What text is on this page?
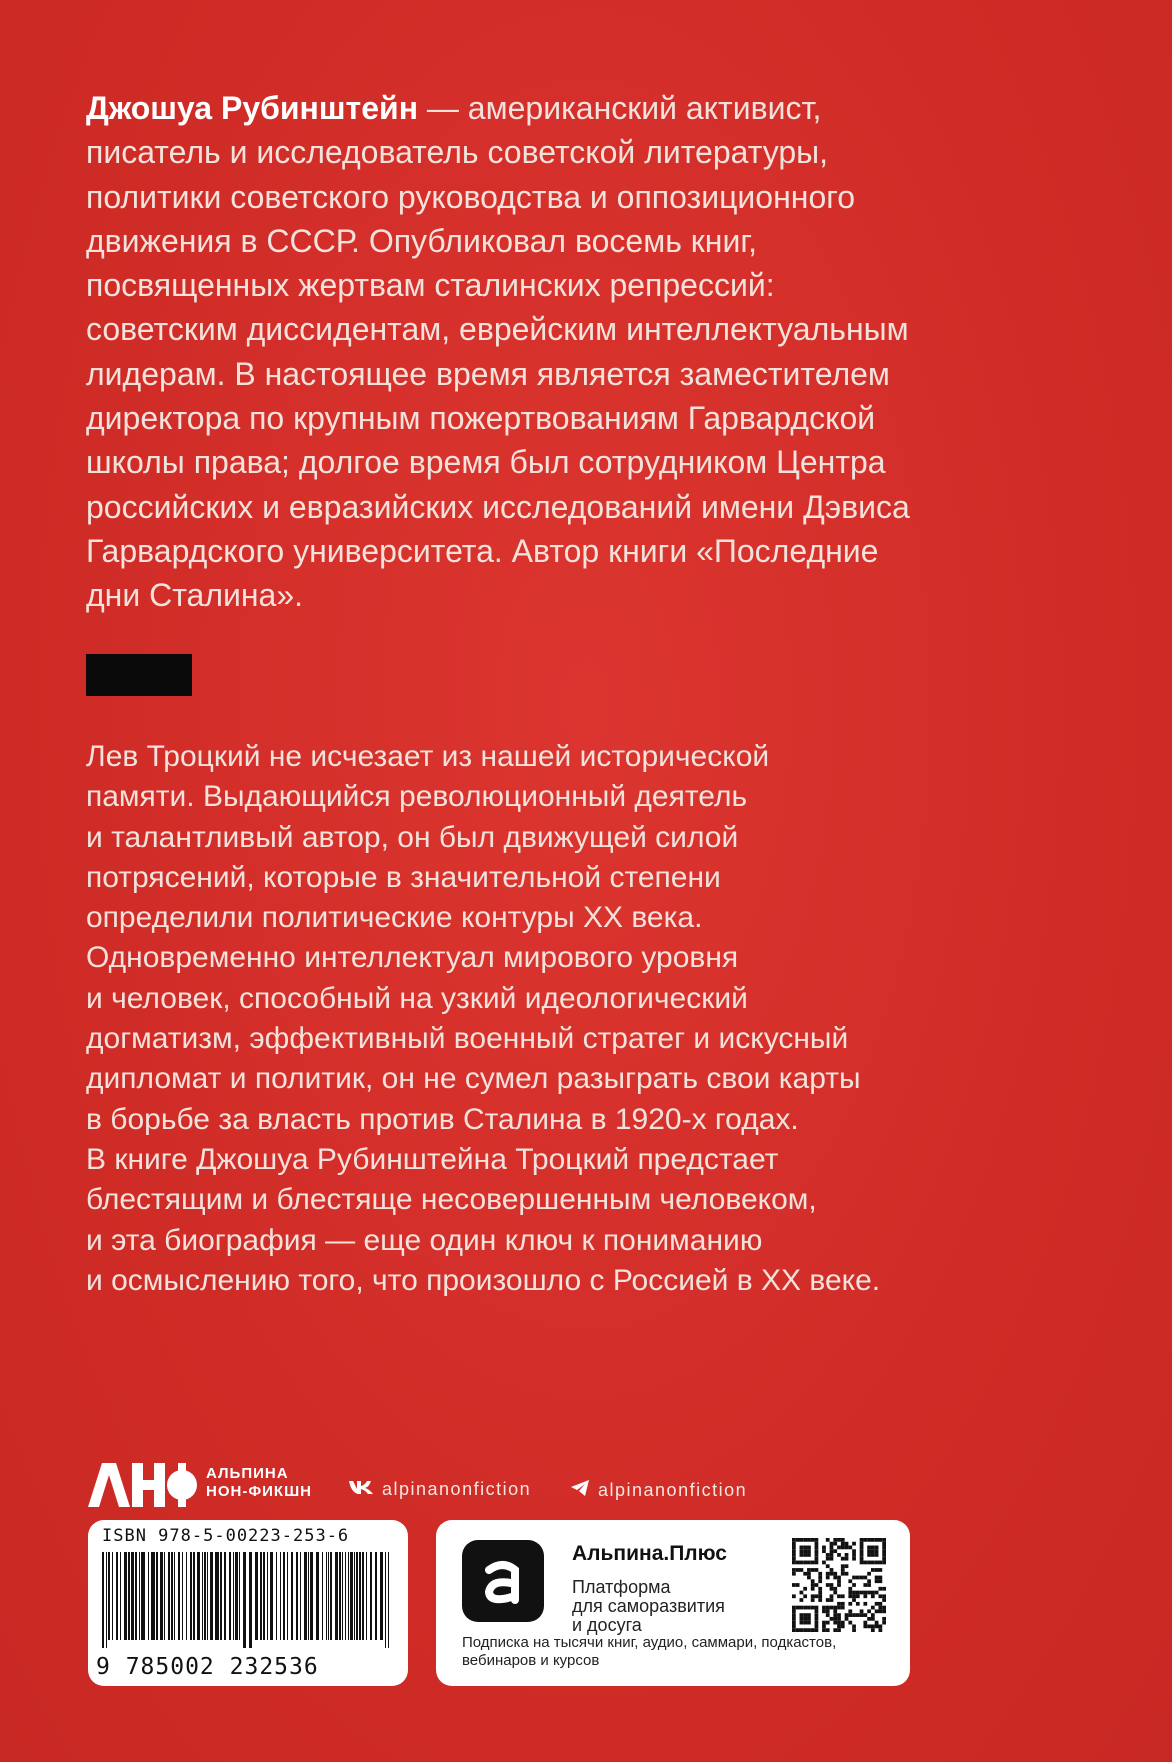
Джошуа Рубинштейн — американский активист,
писатель и исследователь советской литературы,
политики советского руководства и оппозиционного
движения в СССР. Опубликовал восемь книг,
посвященных жертвам сталинских репрессий:
советским диссидентам, еврейским интеллектуальным
лидерам. В настоящее время является заместителем
директора по крупным пожертвованиям Гарвардской
школы права; долгое время был сотрудником Центра
российских и евразийских исследований имени Дэвиса
Гарвардского университета. Автор книги «Последние
дни Сталина».
Лев Троцкий не исчезает из нашей исторической
памяти. Выдающийся революционный деятель
и талантливый автор, он был движущей силой
потрясений, которые в значительной степени
определили политические контуры XX века.
Одновременно интеллектуал мирового уровня
и человек, способный на узкий идеологический
догматизм, эффективный военный стратег и искусный
дипломат и политик, он не сумел разыграть свои карты
в борьбе за власть против Сталина в 1920-х годах.
В книге Джошуа Рубинштейна Троцкий предстает
блестящим и блестяще несовершенным человеком,
и эта биография — еще один ключ к пониманию
и осмыслению того, что произошло с Россией в XX веке.
АЛЬПИНА
НОН-ФИКШН	alpinanonfiction	alpinanonfiction
ISBN 978-5-00223-253-6
9 785002 232536
Альпина.Плюс
Платформа
для саморазвития
и досуга
Подписка на тысячи книг, аудио, саммари, подкастов, вебинаров и курсов
